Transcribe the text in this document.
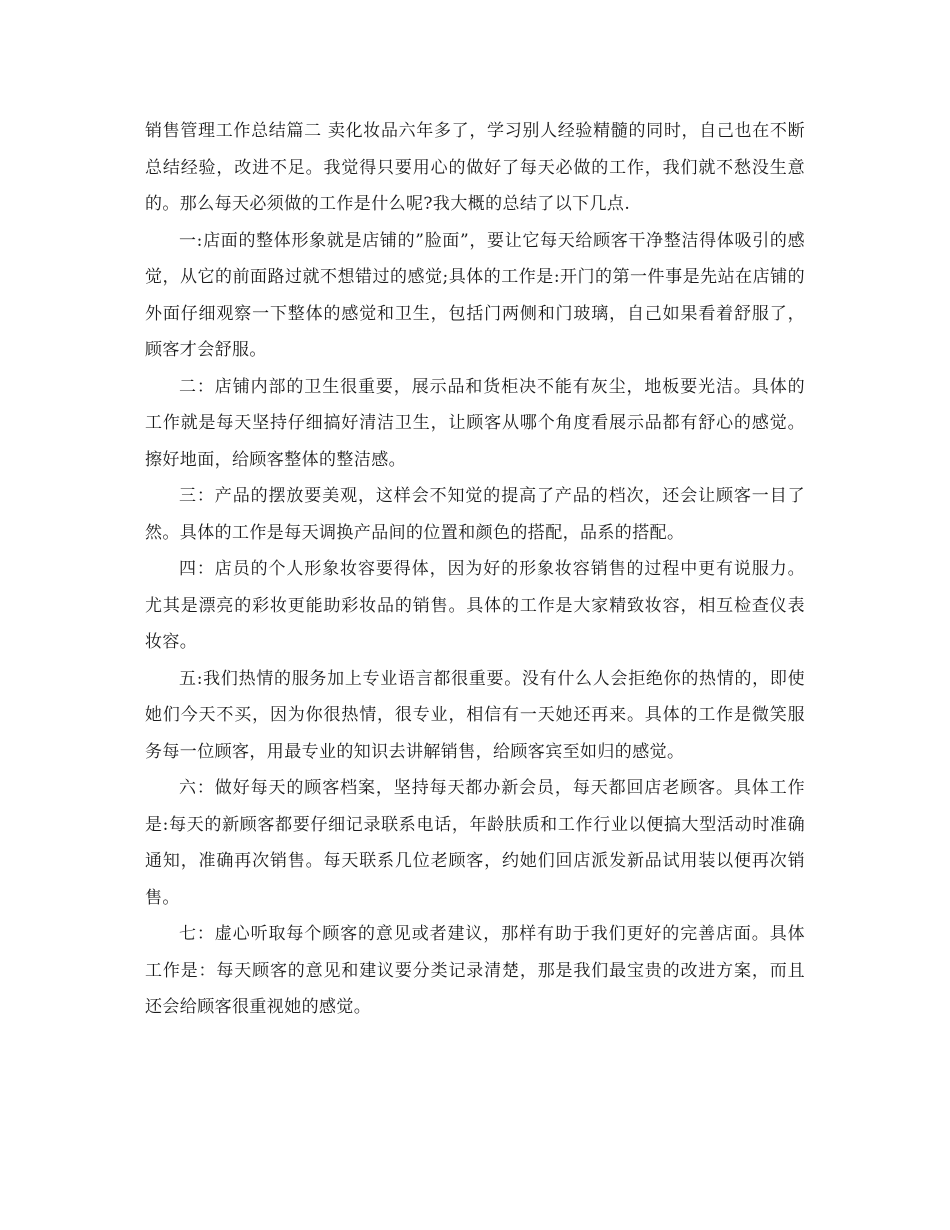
销售管理工作总结篇二 卖化妆品六年多了，学习别人经验精髓的同时，自己也在不断总结经验，改进不足。我觉得只要用心的做好了每天必做的工作，我们就不愁没生意的。那么每天必须做的工作是什么呢?我大概的总结了以下几点.

一:店面的整体形象就是店铺的”脸面”，要让它每天给顾客干净整洁得体吸引的感觉，从它的前面路过就不想错过的感觉;具体的工作是:开门的第一件事是先站在店铺的外面仔细观察一下整体的感觉和卫生，包括门两侧和门玻璃，自己如果看着舒服了，顾客才会舒服。

二：店铺内部的卫生很重要，展示品和货柜决不能有灰尘，地板要光洁。具体的工作就是每天坚持仔细搞好清洁卫生，让顾客从哪个角度看展示品都有舒心的感觉。擦好地面，给顾客整体的整洁感。

三：产品的摆放要美观，这样会不知觉的提高了产品的档次，还会让顾客一目了然。具体的工作是每天调换产品间的位置和颜色的搭配，品系的搭配。

四：店员的个人形象妆容要得体，因为好的形象妆容销售的过程中更有说服力。尤其是漂亮的彩妆更能助彩妆品的销售。具体的工作是大家精致妆容，相互检查仪表妆容。

五:我们热情的服务加上专业语言都很重要。没有什么人会拒绝你的热情的，即使她们今天不买，因为你很热情，很专业，相信有一天她还再来。具体的工作是微笑服务每一位顾客，用最专业的知识去讲解销售，给顾客宾至如归的感觉。

六：做好每天的顾客档案，坚持每天都办新会员，每天都回店老顾客。具体工作是:每天的新顾客都要仔细记录联系电话，年龄肤质和工作行业以便搞大型活动时准确通知，准确再次销售。每天联系几位老顾客，约她们回店派发新品试用装以便再次销售。

七：虚心听取每个顾客的意见或者建议，那样有助于我们更好的完善店面。具体工作是：每天顾客的意见和建议要分类记录清楚，那是我们最宝贵的改进方案，而且还会给顾客很重视她的感觉。
